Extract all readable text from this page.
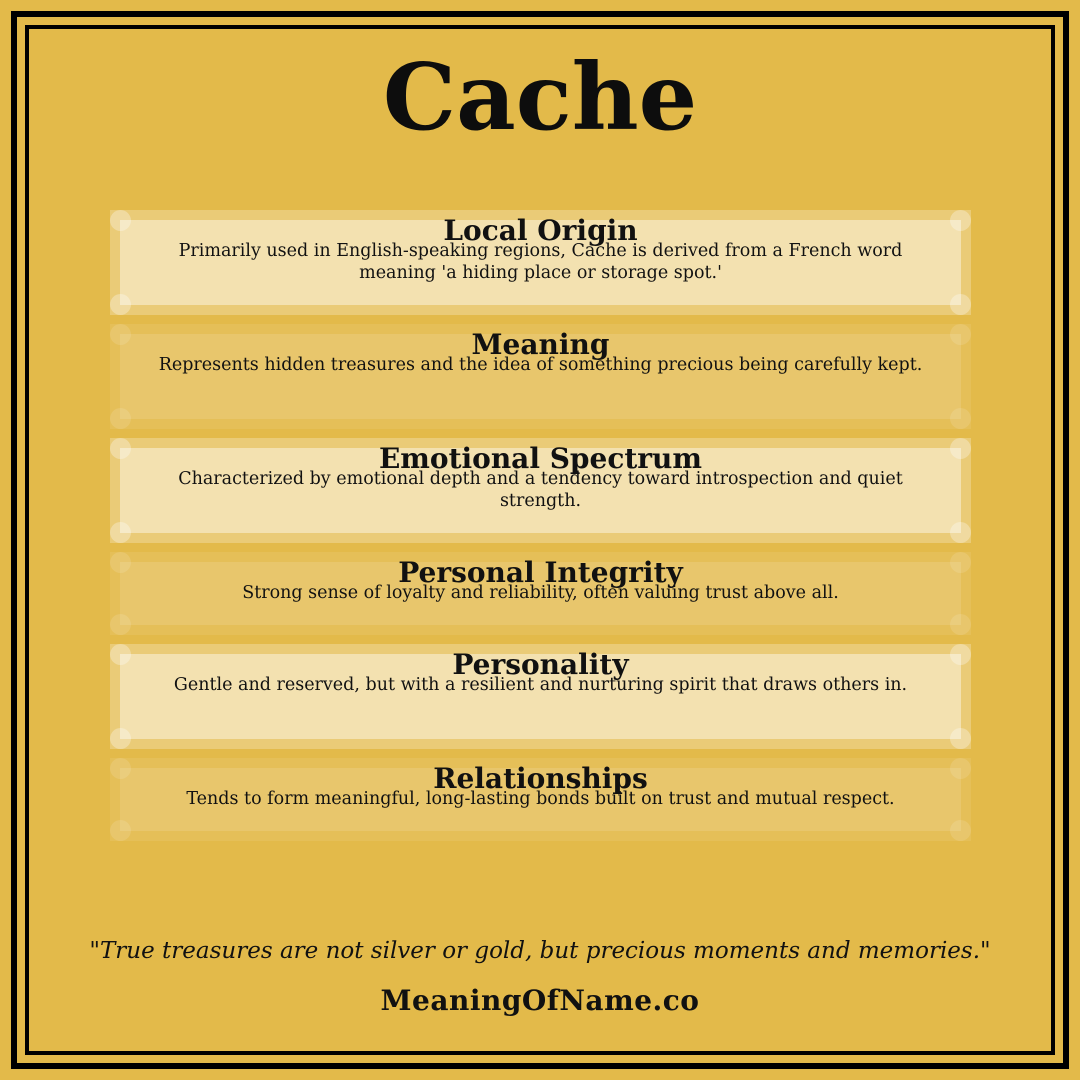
Cache
Local Origin
Primarily used in English-speaking regions, Cache is derived from a French word meaning 'a hiding place or storage spot.'
Meaning
Represents hidden treasures and the idea of something precious being carefully kept.
Emotional Spectrum
Characterized by emotional depth and a tendency toward introspection and quiet strength.
Personal Integrity
Strong sense of loyalty and reliability, often valuing trust above all.
Personality
Gentle and reserved, but with a resilient and nurturing spirit that draws others in.
Relationships
Tends to form meaningful, long-lasting bonds built on trust and mutual respect.
"True treasures are not silver or gold, but precious moments and memories."
MeaningOfName.co
